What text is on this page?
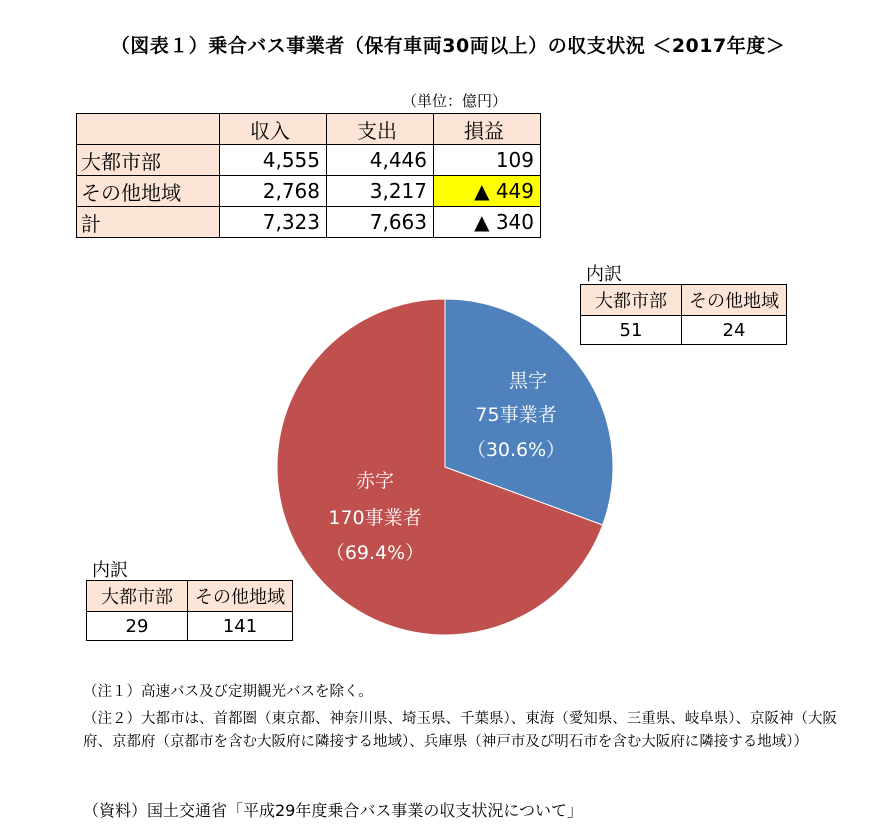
（図表１）乗合バス事業者（保有車両30両以上）の収支状況 ＜2017年度＞
（単位：億円）
	収入	支出	損益
大都市部	4,555	4,446	109
その他地域	2,768	3,217	▲ 449
計	7,323	7,663	▲ 340
黒字
75事業者
（30.6%）
赤字
170事業者
（69.4%）
内訳
大都市部	その他地域
51	24
内訳
大都市部	その他地域
29	141

（注１）高速バス及び定期観光バスを除く。

（注２）大都市は、首都圏（東京都、神奈川県、埼玉県、千葉県）、東海（愛知県、三重県、岐阜県）、京阪神（大阪府、京都府（京都市を含む大阪府に隣接する地域）、兵庫県（神戸市及び明石市を含む大阪府に隣接する地域））

（資料）国土交通省「平成29年度乗合バス事業の収支状況について」
